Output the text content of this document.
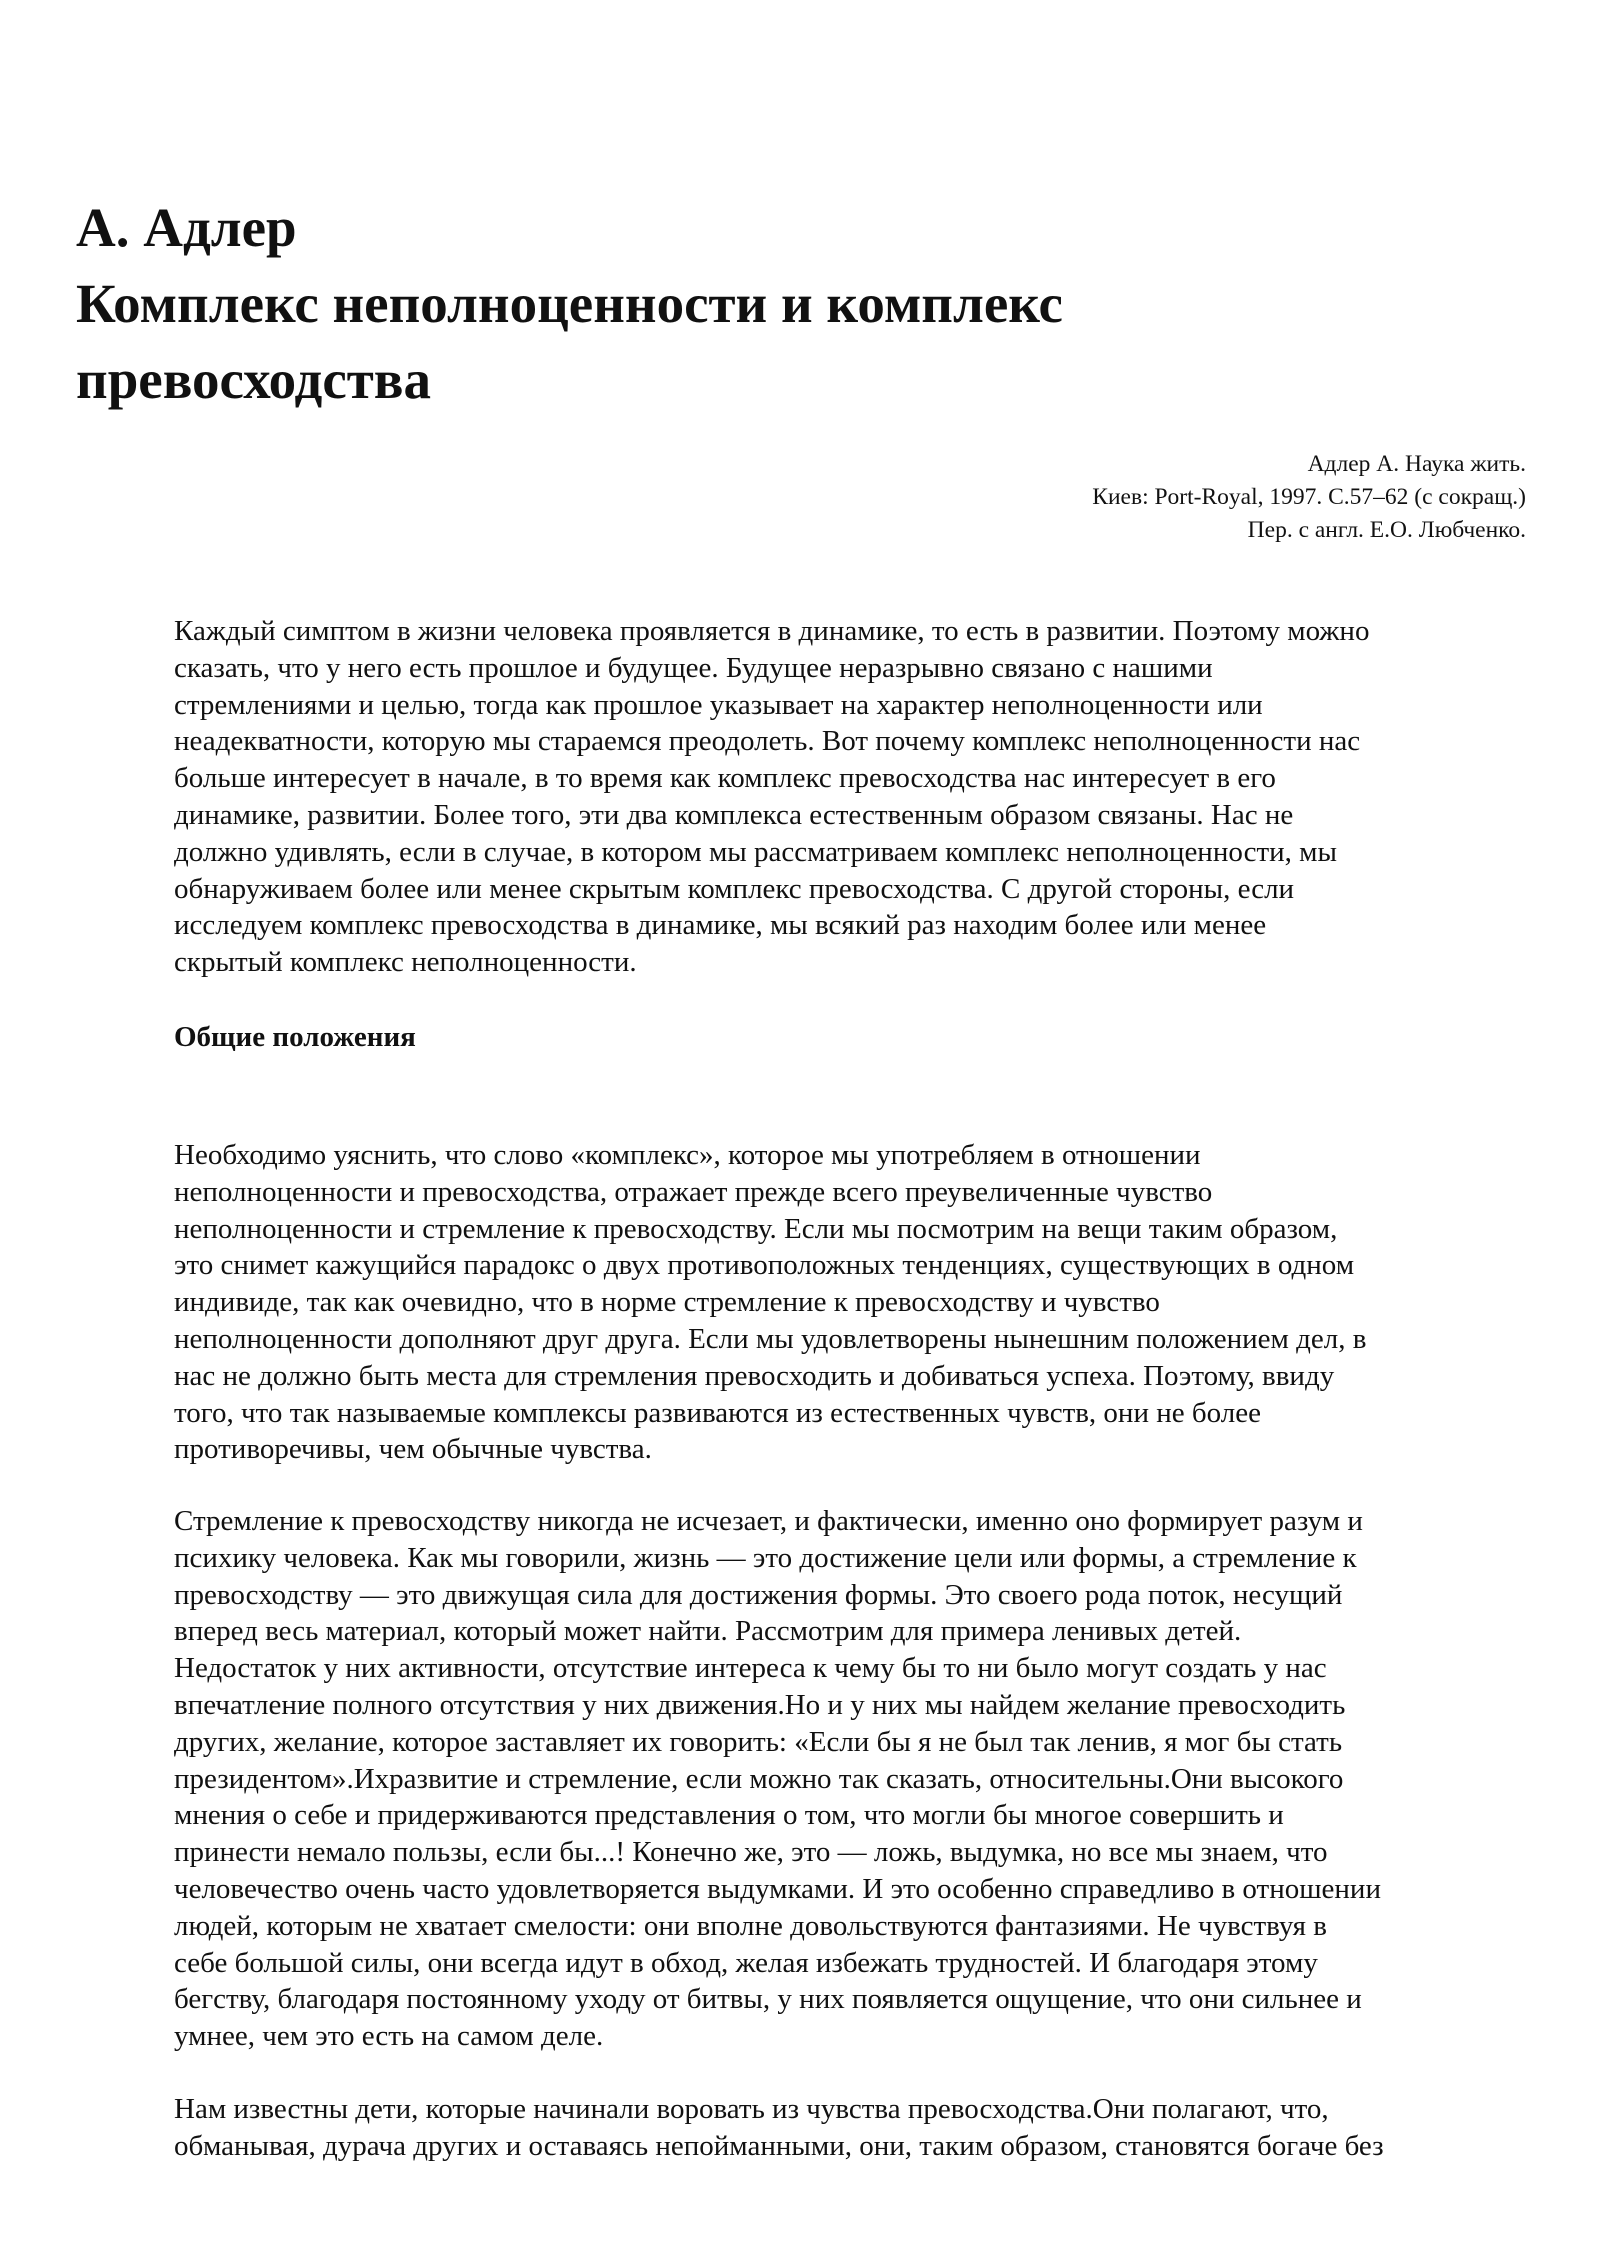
А. Адлер
Комплекс неполноценности и комплекс
превосходства
Адлер А. Наука жить.
Киев: Port-Royal, 1997. С.57–62 (с сокращ.)
Пер. с англ. Е.О. Любченко.
Каждый симптом в жизни человека проявляется в динамике, то есть в развитии. Поэтому можно
сказать, что у него есть прошлое и будущее. Будущее неразрывно связано с нашими
стремлениями и целью, тогда как прошлое указывает на характер неполноценности или
неадекватности, которую мы стараемся преодолеть. Вот почему комплекс неполноценности нас
больше интересует в начале, в то время как комплекс превосходства нас интересует в его
динамике, развитии. Более того, эти два комплекса естественным образом связаны. Нас не
должно удивлять, если в случае, в котором мы рассматриваем комплекс неполноценности, мы
обнаруживаем более или менее скрытым комплекс превосходства. С другой стороны, если
исследуем комплекс превосходства в динамике, мы всякий раз находим более или менее
скрытый комплекс неполноценности.
Общие положения
Необходимо уяснить, что слово «комплекс», которое мы употребляем в отношении
неполноценности и превосходства, отражает прежде всего преувеличенные чувство
неполноценности и стремление к превосходству. Если мы посмотрим на вещи таким образом,
это снимет кажущийся парадокс о двух противоположных тенденциях, существующих в одном
индивиде, так как очевидно, что в норме стремление к превосходству и чувство
неполноценности дополняют друг друга. Если мы удовлетворены нынешним положением дел, в
нас не должно быть места для стремления превосходить и добиваться успеха. Поэтому, ввиду
того, что так называемые комплексы развиваются из естественных чувств, они не более
противоречивы, чем обычные чувства.
Стремление к превосходству никогда не исчезает, и фактически, именно оно формирует разум и
психику человека. Как мы говорили, жизнь — это достижение цели или формы, а стремление к
превосходству — это движущая сила для достижения формы. Это своего рода поток, несущий
вперед весь материал, который может найти. Рассмотрим для примера ленивых детей.
Недостаток у них активности, отсутствие интереса к чему бы то ни было могут создать у нас
впечатление полного отсутствия у них движения.Но и у них мы найдем желание превосходить
других, желание, которое заставляет их говорить: «Если бы я не был так ленив, я мог бы стать
президентом».Ихразвитие и стремление, если можно так сказать, относительны.Они высокого
мнения о себе и придерживаются представления о том, что могли бы многое совершить и
принести немало пользы, если бы...! Конечно же, это — ложь, выдумка, но все мы знаем, что
человечество очень часто удовлетворяется выдумками. И это особенно справедливо в отношении
людей, которым не хватает смелости: они вполне довольствуются фантазиями. Не чувствуя в
себе большой силы, они всегда идут в обход, желая избежать трудностей. И благодаря этому
бегству, благодаря постоянному уходу от битвы, у них появляется ощущение, что они сильнее и
умнее, чем это есть на самом деле.
Нам известны дети, которые начинали воровать из чувства превосходства.Они полагают, что,
обманывая, дурача других и оставаясь непойманными, они, таким образом, становятся богаче без
